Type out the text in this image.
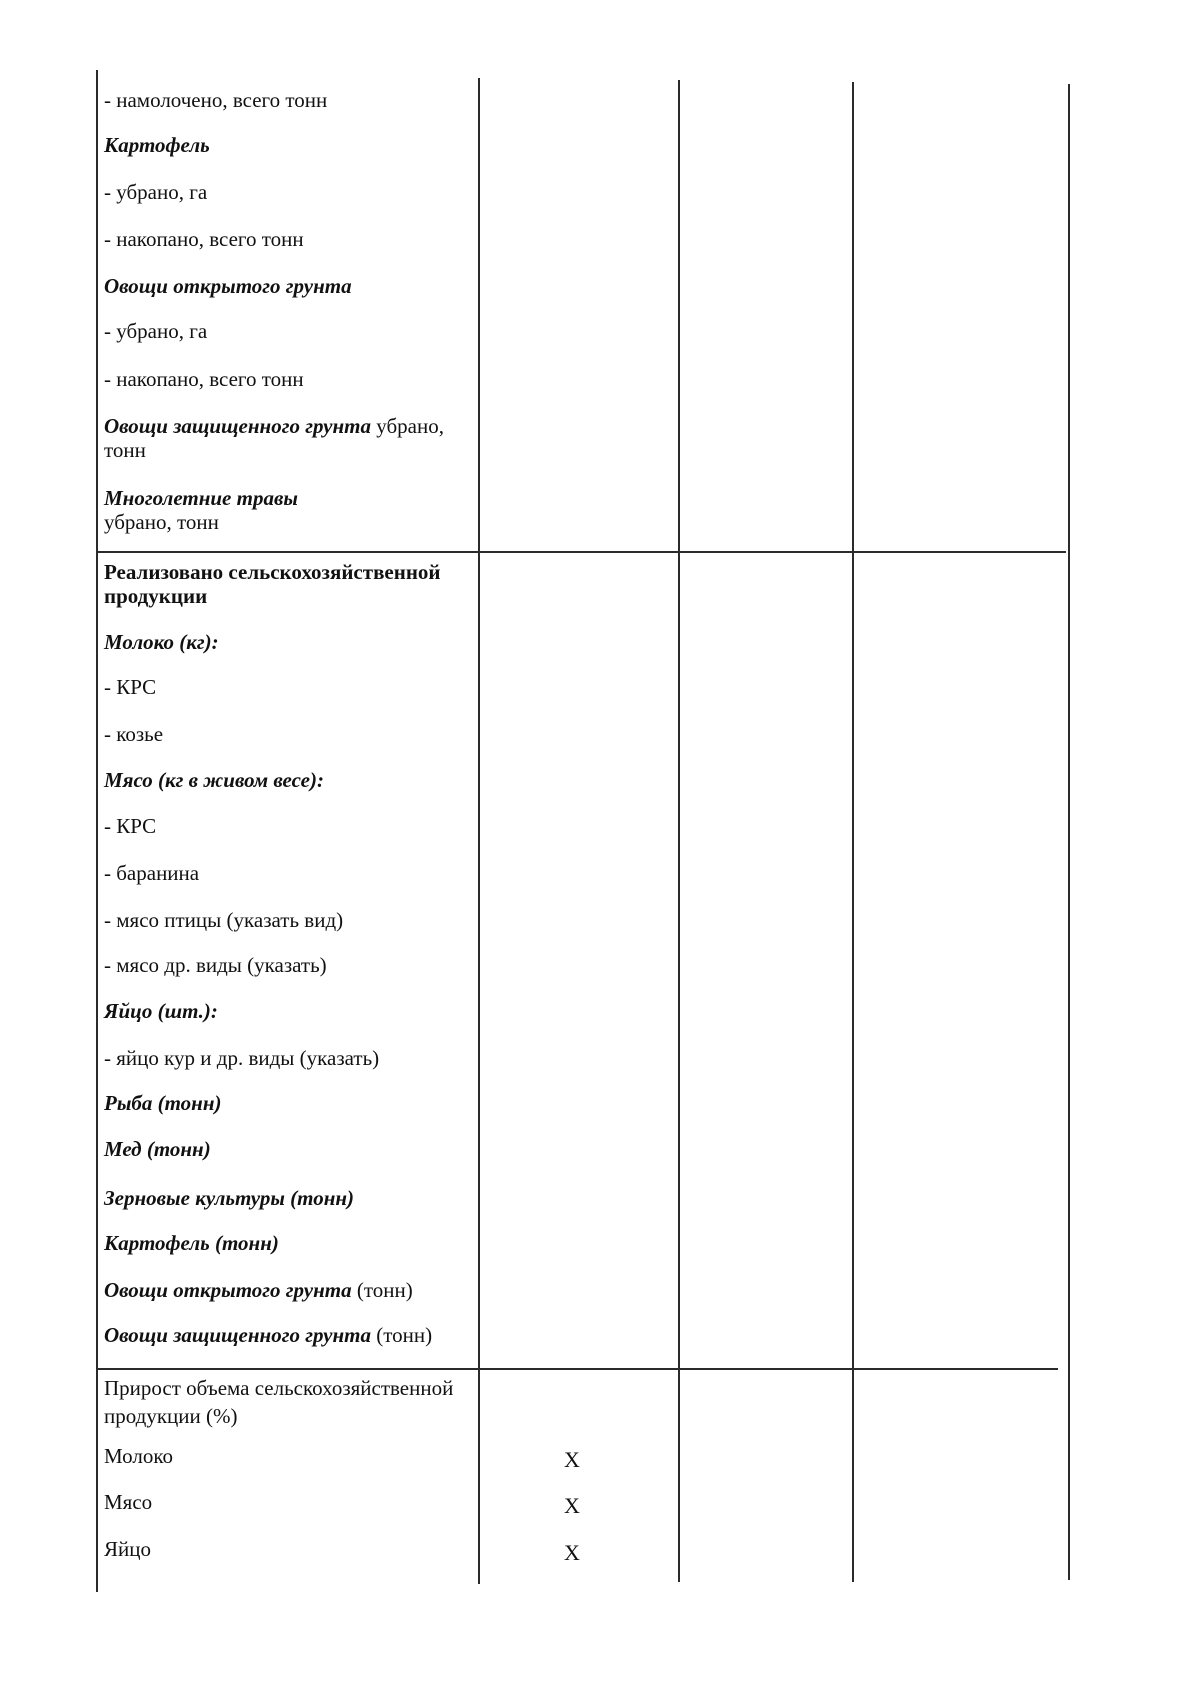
- намолочено, всего тонн
Картофель
- убрано, га
- накопано, всего тонн
Овощи открытого грунта
- убрано, га
- накопано, всего тонн
Овощи защищенного грунта убрано, тонн
Многолетние травы
убрано, тонн
Реализовано сельскохозяйственной продукции
Молоко (кг):
- КРС
- козье
Мясо (кг в живом весе):
- КРС
- баранина
- мясо птицы (указать вид)
- мясо др. виды (указать)
Яйцо (шт.):
- яйцо кур и др. виды (указать)
Рыба (тонн)
Мед (тонн)
Зерновые культуры (тонн)
Картофель (тонн)
Овощи открытого грунта (тонн)
Овощи защищенного грунта (тонн)
Прирост объема сельскохозяйственной продукции (%)
Молоко
Мясо
Яйцо
Х
Х
Х
